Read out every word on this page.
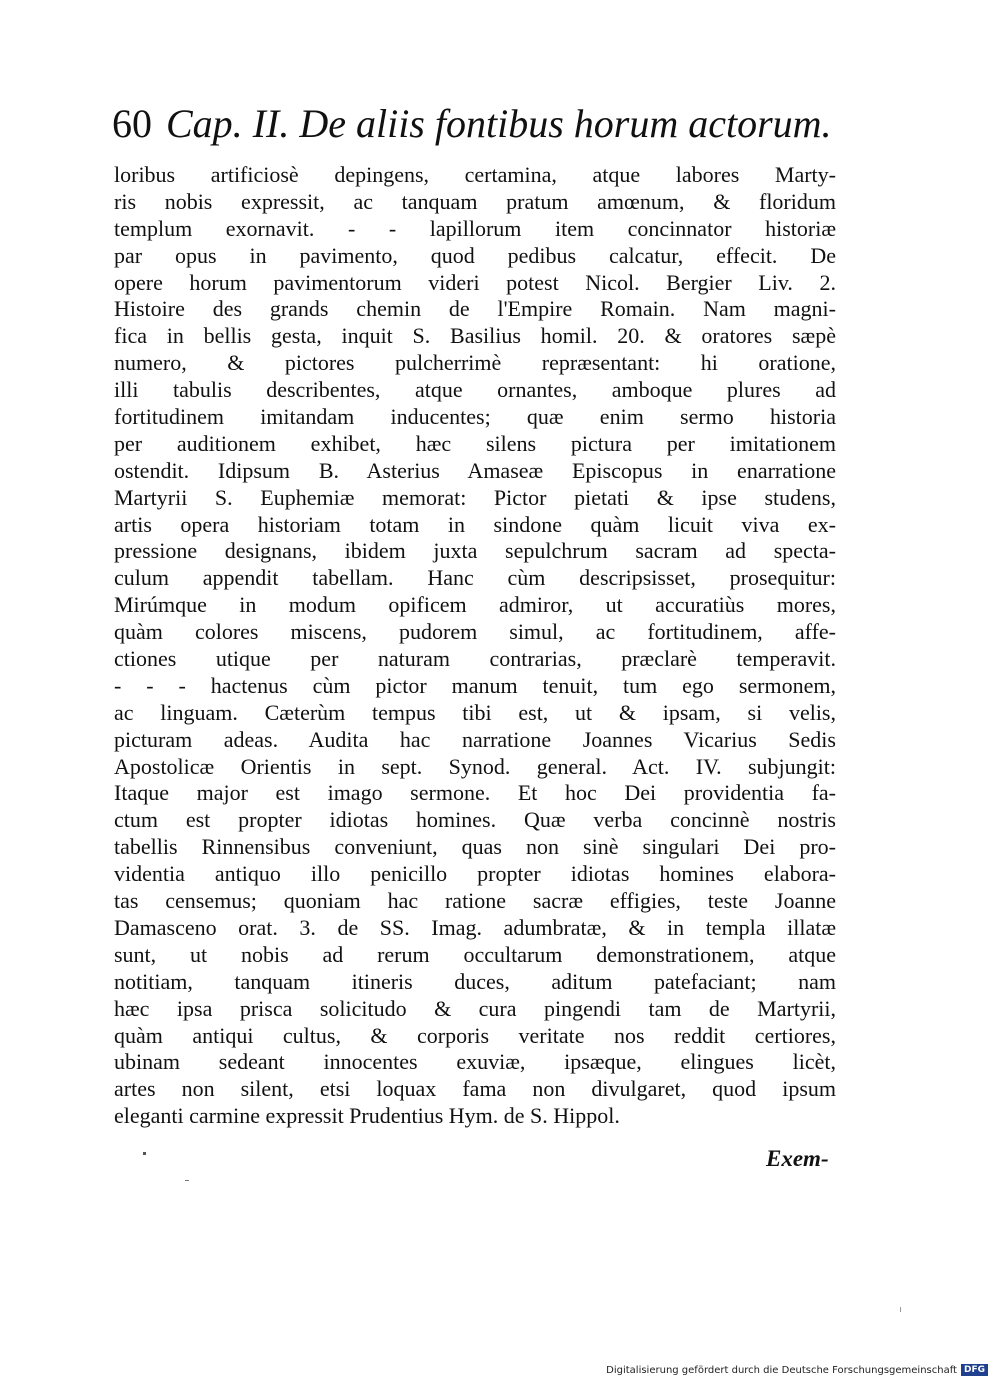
60 Cap. II. De aliis fontibus horum actorum.
loribus artificiosè depingens, certamina, atque labores Marty-
ris nobis expressit, ac tanquam pratum amœnum, & floridum
templum exornavit. - - lapillorum item concinnator historiæ
par opus in pavimento, quod pedibus calcatur, effecit. De
opere horum pavimentorum videri potest Nicol. Bergier Liv. 2.
Histoire des grands chemin de l'Empire Romain. Nam magni-
fica in bellis gesta, inquit S. Basilius homil. 20. & oratores sæpè
numero, & pictores pulcherrimè repræsentant: hi oratione,
illi tabulis describentes, atque ornantes, amboque plures ad
fortitudinem imitandam inducentes; quæ enim sermo historia
per auditionem exhibet, hæc silens pictura per imitationem
ostendit. Idipsum B. Asterius Amaseæ Episcopus in enarratione
Martyrii S. Euphemiæ memorat: Pictor pietati & ipse studens,
artis opera historiam totam in sindone quàm licuit viva ex-
pressione designans, ibidem juxta sepulchrum sacram ad specta-
culum appendit tabellam. Hanc cùm descripsisset, prosequitur:
Mirúmque in modum opificem admiror, ut accuratiùs mores,
quàm colores miscens, pudorem simul, ac fortitudinem, affe-
ctiones utique per naturam contrarias, præclarè temperavit.
- - - hactenus cùm pictor manum tenuit, tum ego sermonem,
ac linguam. Cæterùm tempus tibi est, ut & ipsam, si velis,
picturam adeas. Audita hac narratione Joannes Vicarius Sedis
Apostolicæ Orientis in sept. Synod. general. Act. IV. subjungit:
Itaque major est imago sermone. Et hoc Dei providentia fa-
ctum est propter idiotas homines. Quæ verba concinnè nostris
tabellis Rinnensibus conveniunt, quas non sinè singulari Dei pro-
videntia antiquo illo penicillo propter idiotas homines elabora-
tas censemus; quoniam hac ratione sacræ effigies, teste Joanne
Damasceno orat. 3. de SS. Imag. adumbratæ, & in templa illatæ
sunt, ut nobis ad rerum occultarum demonstrationem, atque
notitiam, tanquam itineris duces, aditum patefaciant; nam
hæc ipsa prisca solicitudo & cura pingendi tam de Martyrii,
quàm antiqui cultus, & corporis veritate nos reddit certiores,
ubinam sedeant innocentes exuviæ, ipsæque, elingues licèt,
artes non silent, etsi loquax fama non divulgaret, quod ipsum
eleganti carmine expressit Prudentius Hym. de S. Hippol.
Exem-
Digitalisierung gefördert durch die Deutsche Forschungsgemeinschaft DFG
